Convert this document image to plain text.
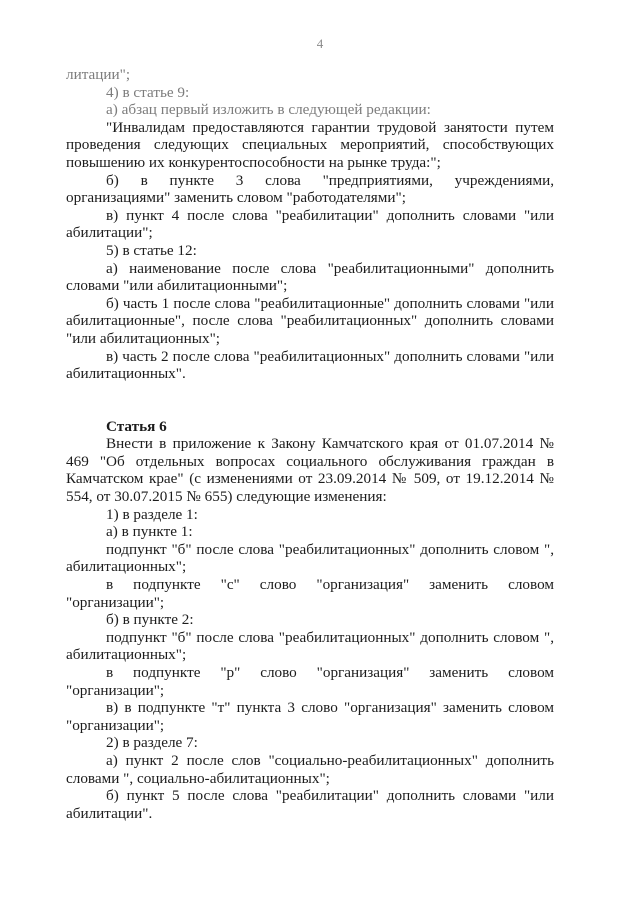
4

литации";

4) в статье 9:

а) абзац первый изложить в следующей редакции:

"Инвалидам предоставляются гарантии трудовой занятости путем проведения следующих специальных мероприятий, способствующих повышению их конкурентоспособности на рынке труда:";

б) в пункте 3 слова "предприятиями, учреждениями, организациями" заменить словом "работодателями";

в) пункт 4 после слова "реабилитации" дополнить словами "или абилитации";

5) в статье 12:

а) наименование после слова "реабилитационными" дополнить словами "или абилитационными";

б) часть 1 после слова "реабилитационные" дополнить словами "или абилитационные", после слова "реабилитационных" дополнить словами "или абилитационных";

в) часть 2 после слова "реабилитационных" дополнить словами "или абилитационных".

Статья 6

Внести в приложение к Закону Камчатского края от 01.07.2014 № 469 "Об отдельных вопросах социального обслуживания граждан в Камчатском крае" (с изменениями от 23.09.2014 № 509, от 19.12.2014 № 554, от 30.07.2015 № 655) следующие изменения:

1) в разделе 1:

а) в пункте 1:

подпункт "б" после слова "реабилитационных" дополнить словом ", абилитационных";

в подпункте "с" слово "организация" заменить словом "организации";

б) в пункте 2:

подпункт "б" после слова "реабилитационных" дополнить словом ", абилитационных";

в подпункте "р" слово "организация" заменить словом "организации";

в) в подпункте "т" пункта 3 слово "организация" заменить словом "организации";

2) в разделе 7:

а) пункт 2 после слов "социально-реабилитационных" дополнить словами ", социально-абилитационных";

б) пункт 5 после слова "реабилитации" дополнить словами "или абилитации".
